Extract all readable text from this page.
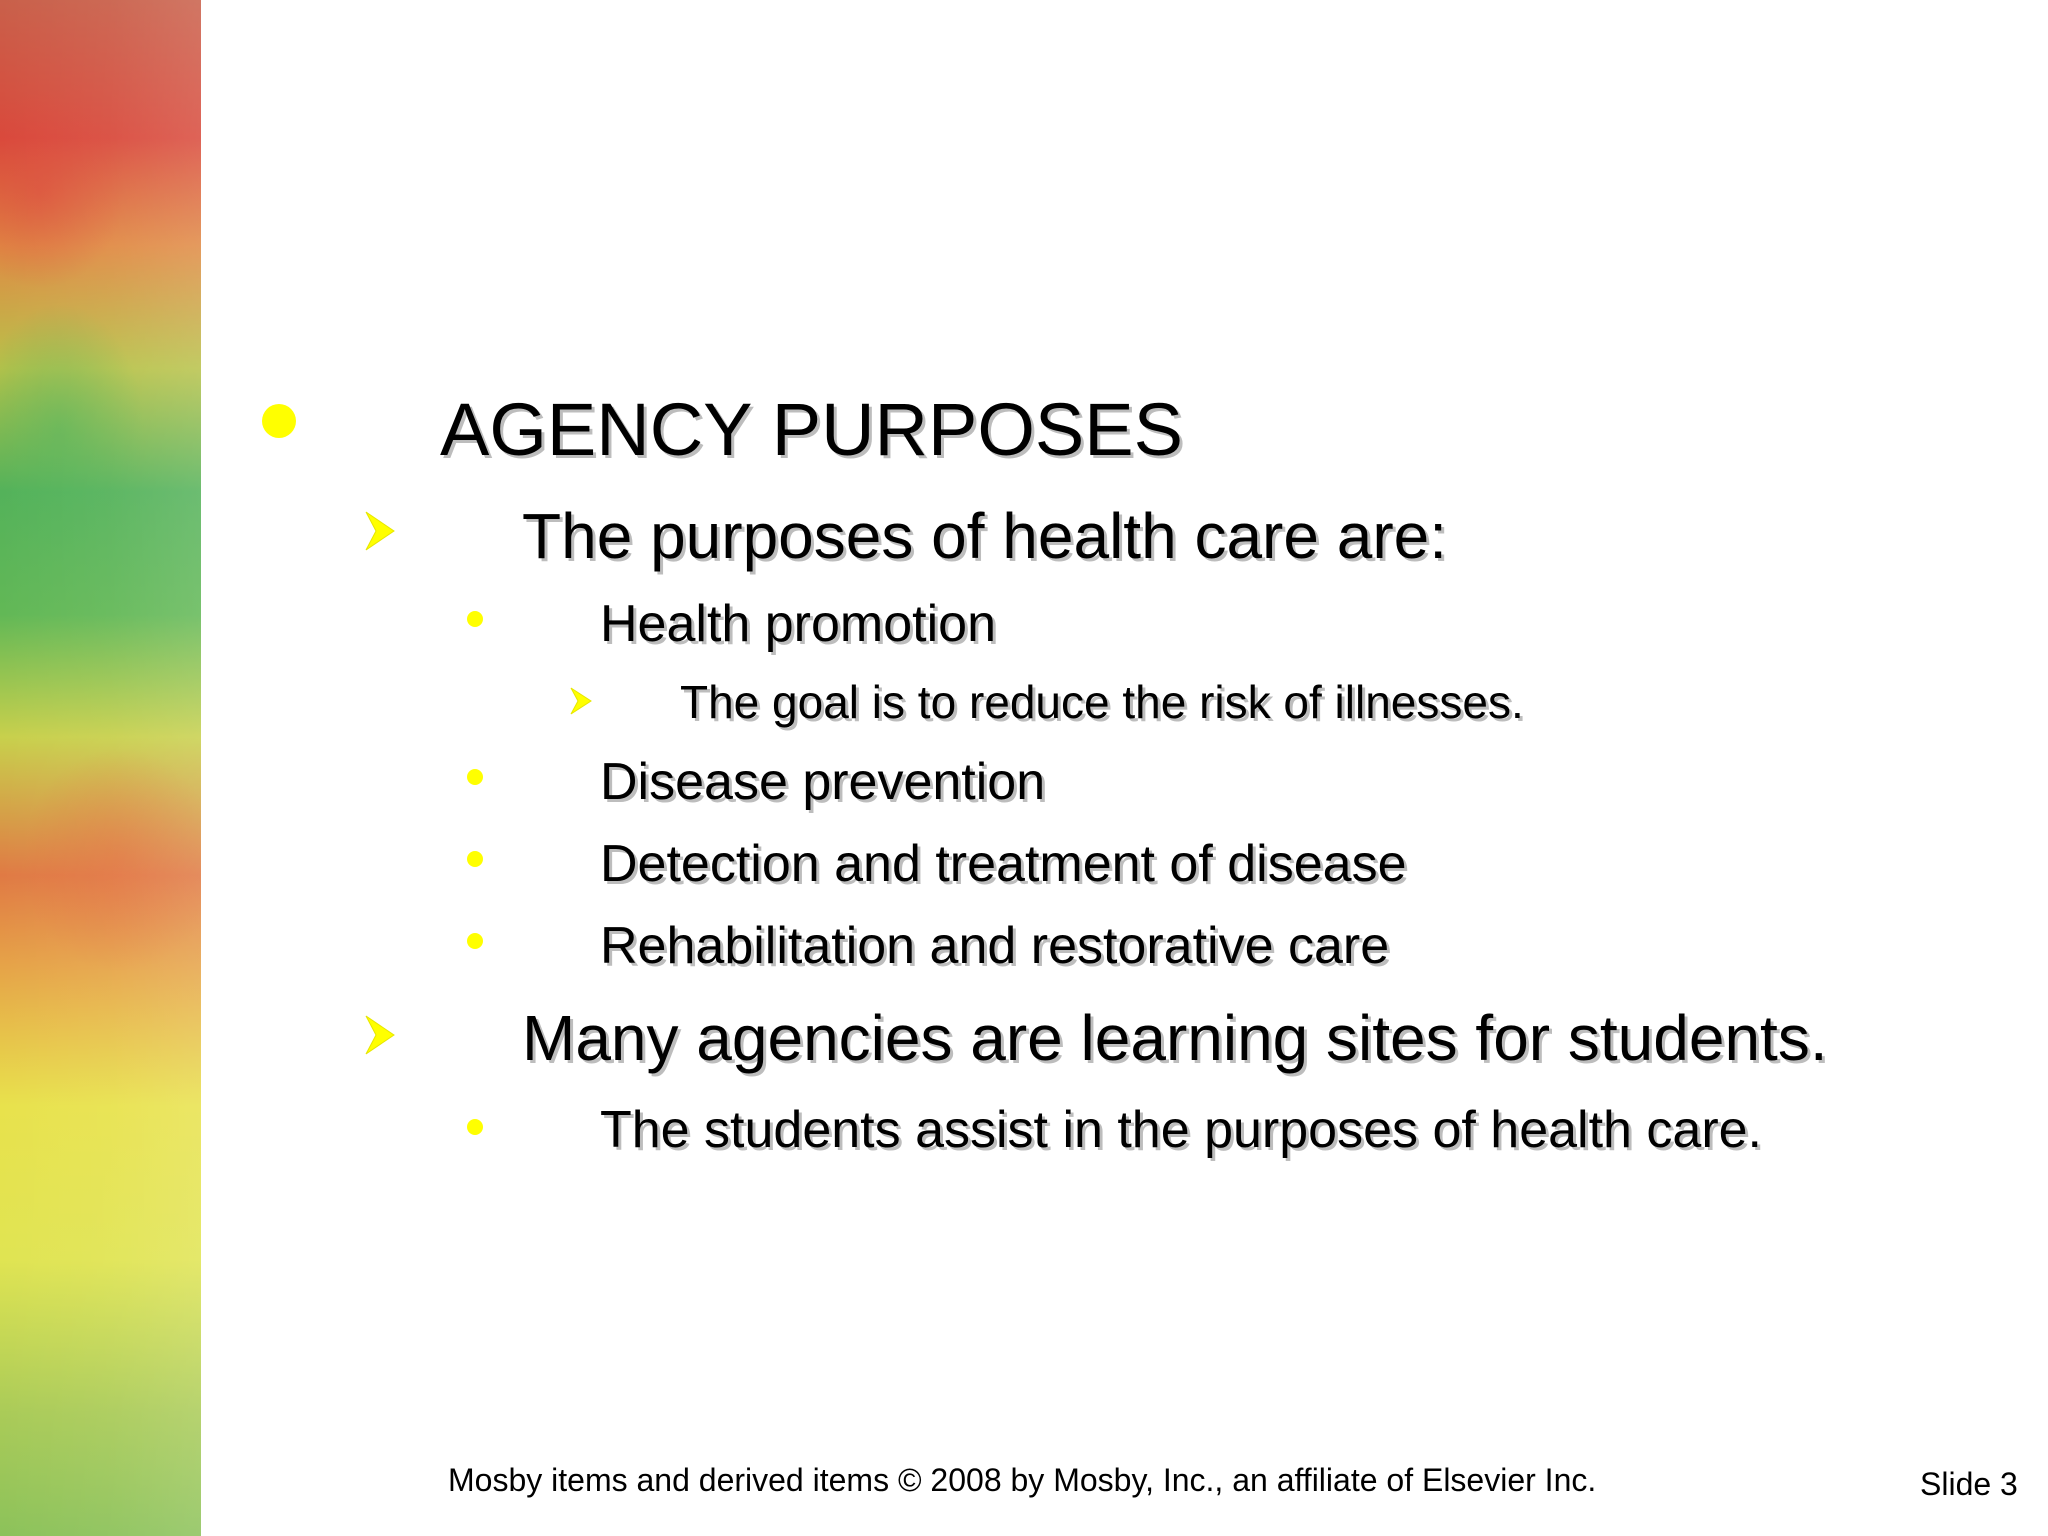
AGENCY PURPOSES
The purposes of health care are:
Health promotion
The goal is to reduce the risk of illnesses.
Disease prevention
Detection and treatment of disease
Rehabilitation and restorative care
Many agencies are learning sites for students.
The students assist in the purposes of health care.
Mosby items and derived items © 2008 by Mosby, Inc., an affiliate of Elsevier Inc.	Slide 3
